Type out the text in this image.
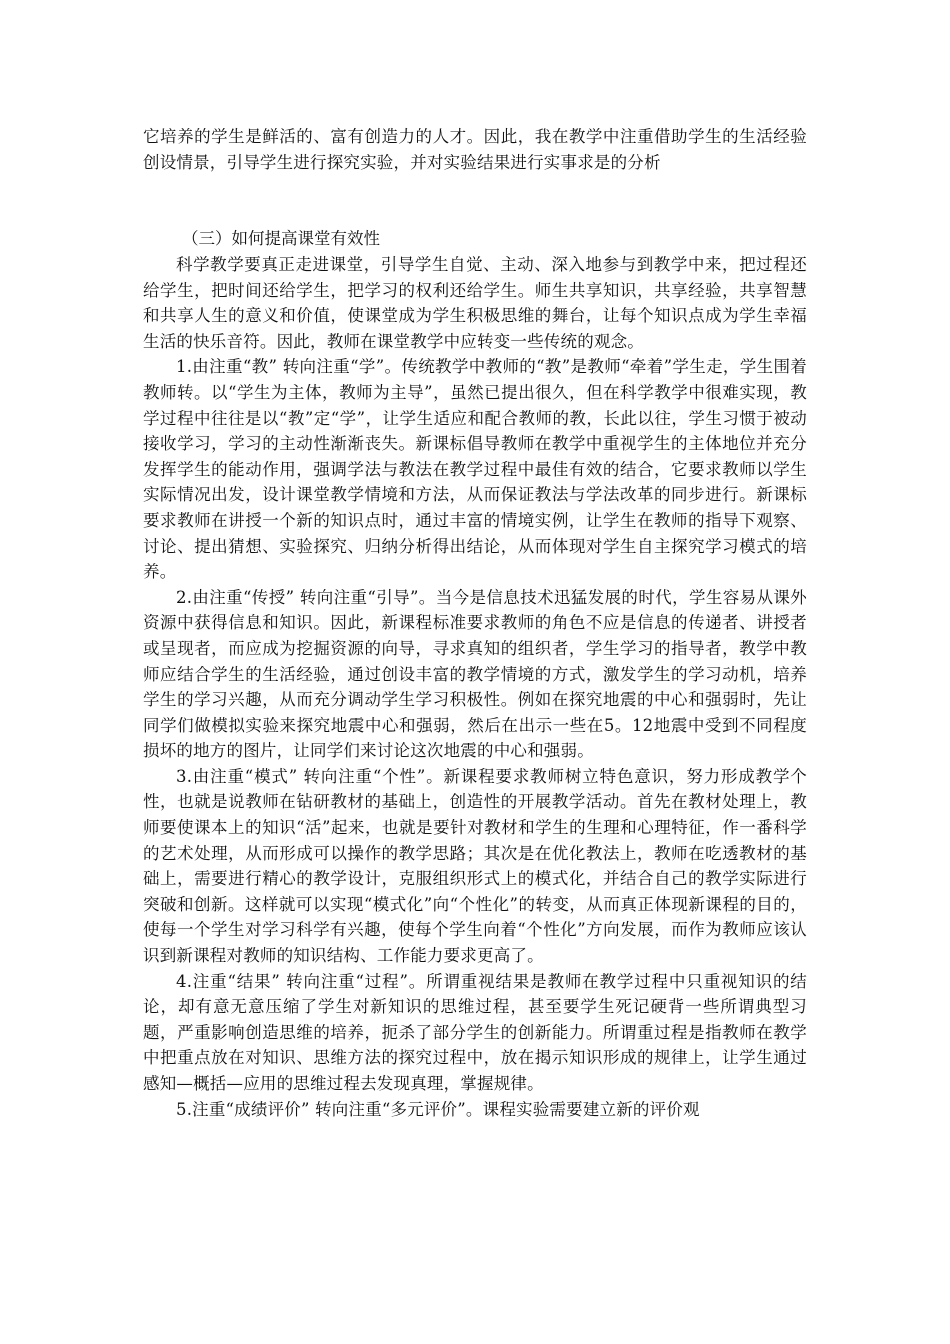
它培养的学生是鲜活的、富有创造力的人才。因此，我在教学中注重借助学生的生活经验创设情景，引导学生进行探究实验，并对实验结果进行实事求是的分析

（三）如何提高课堂有效性

科学教学要真正走进课堂，引导学生自觉、主动、深入地参与到教学中来，把过程还给学生，把时间还给学生，把学习的权利还给学生。师生共享知识，共享经验，共享智慧和共享人生的意义和价值，使课堂成为学生积极思维的舞台，让每个知识点成为学生幸福生活的快乐音符。因此，教师在课堂教学中应转变一些传统的观念。

1.由注重“教” 转向注重“学”。传统教学中教师的“教”是教师“牵着”学生走，学生围着教师转。以“学生为主体，教师为主导”，虽然已提出很久，但在科学教学中很难实现，教学过程中往往是以“教”定“学”，让学生适应和配合教师的教，长此以往，学生习惯于被动接收学习，学习的主动性渐渐丧失。新课标倡导教师在教学中重视学生的主体地位并充分发挥学生的能动作用，强调学法与教法在教学过程中最佳有效的结合，它要求教师以学生实际情况出发，设计课堂教学情境和方法，从而保证教法与学法改革的同步进行。新课标要求教师在讲授一个新的知识点时，通过丰富的情境实例，让学生在教师的指导下观察、讨论、提出猜想、实验探究、归纳分析得出结论，从而体现对学生自主探究学习模式的培养。

2.由注重“传授” 转向注重“引导”。当今是信息技术迅猛发展的时代，学生容易从课外资源中获得信息和知识。因此，新课程标准要求教师的角色不应是信息的传递者、讲授者或呈现者，而应成为挖掘资源的向导，寻求真知的组织者，学生学习的指导者，教学中教师应结合学生的生活经验，通过创设丰富的教学情境的方式，激发学生的学习动机，培养学生的学习兴趣，从而充分调动学生学习积极性。例如在探究地震的中心和强弱时，先让同学们做模拟实验来探究地震中心和强弱，然后在出示一些在5。12地震中受到不同程度损坏的地方的图片，让同学们来讨论这次地震的中心和强弱。

3.由注重“模式” 转向注重“个性”。新课程要求教师树立特色意识，努力形成教学个性，也就是说教师在钻研教材的基础上，创造性的开展教学活动。首先在教材处理上，教师要使课本上的知识“活”起来，也就是要针对教材和学生的生理和心理特征，作一番科学的艺术处理，从而形成可以操作的教学思路；其次是在优化教法上，教师在吃透教材的基础上，需要进行精心的教学设计，克服组织形式上的模式化，并结合自己的教学实际进行突破和创新。这样就可以实现“模式化”向“个性化”的转变，从而真正体现新课程的目的，使每一个学生对学习科学有兴趣，使每个学生向着“个性化”方向发展，而作为教师应该认识到新课程对教师的知识结构、工作能力要求更高了。

4.注重“结果” 转向注重“过程”。所谓重视结果是教师在教学过程中只重视知识的结论，却有意无意压缩了学生对新知识的思维过程，甚至要学生死记硬背一些所谓典型习题，严重影响创造思维的培养，扼杀了部分学生的创新能力。所谓重过程是指教师在教学中把重点放在对知识、思维方法的探究过程中，放在揭示知识形成的规律上，让学生通过感知—概括—应用的思维过程去发现真理，掌握规律。

5.注重“成绩评价” 转向注重“多元评价”。课程实验需要建立新的评价观
